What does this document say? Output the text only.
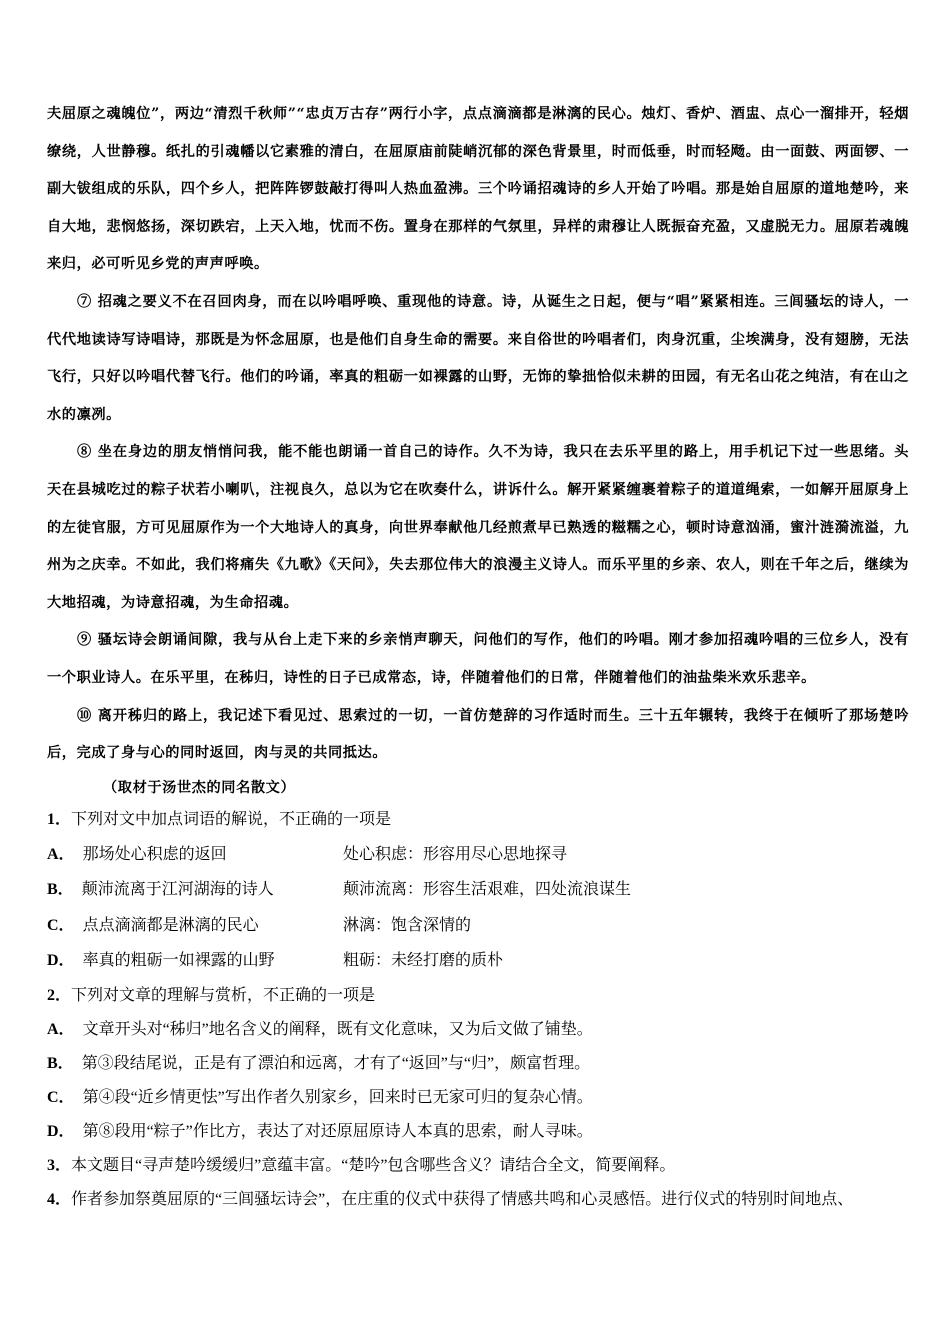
夫屈原之魂魄位”，两边“清烈千秋师”“忠贞万古存”两行小字，点点滴滴都是淋漓的民心。烛灯、香炉、酒盅、点心一溜排开，轻烟缭绕，人世静穆。纸扎的引魂幡以它素雅的清白，在屈原庙前陡峭沉郁的深色背景里，时而低垂，时而轻飏。由一面鼓、两面锣、一副大钹组成的乐队，四个乡人，把阵阵锣鼓敲打得叫人热血盈沸。三个吟诵招魂诗的乡人开始了吟唱。那是始自屈原的道地楚吟，来自大地，悲悯悠扬，深切跌宕，上天入地，忧而不伤。置身在那样的气氛里，异样的肃穆让人既振奋充盈，又虚脱无力。屈原若魂魄来归，必可听见乡党的声声呼唤。

⑦ 招魂之要义不在召回肉身，而在以吟唱呼唤、重现他的诗意。诗，从诞生之日起，便与“唱”紧紧相连。三闾骚坛的诗人，一代代地读诗写诗唱诗，那既是为怀念屈原，也是他们自身生命的需要。来自俗世的吟唱者们，肉身沉重，尘埃满身，没有翅膀，无法飞行，只好以吟唱代替飞行。他们的吟诵，率真的粗砺一如裸露的山野，无饰的挚拙恰似未耕的田园，有无名山花之纯洁，有在山之水的凛冽。

⑧ 坐在身边的朋友悄悄问我，能不能也朗诵一首自己的诗作。久不为诗，我只在去乐平里的路上，用手机记下过一些思绪。头天在县城吃过的粽子状若小喇叭，注视良久，总以为它在吹奏什么，讲诉什么。解开紧紧缠裹着粽子的道道绳索，一如解开屈原身上的左徒官服，方可见屈原作为一个大地诗人的真身，向世界奉献他几经煎煮早已熟透的糍糯之心，顿时诗意汹涌，蜜汁涟漪流溢，九州为之庆幸。不如此，我们将痛失《九歌》《天问》，失去那位伟大的浪漫主义诗人。而乐平里的乡亲、农人，则在千年之后，继续为大地招魂，为诗意招魂，为生命招魂。

⑨ 骚坛诗会朗诵间隙，我与从台上走下来的乡亲悄声聊天，问他们的写作，他们的吟唱。刚才参加招魂吟唱的三位乡人，没有一个职业诗人。在乐平里，在秭归，诗性的日子已成常态，诗，伴随着他们的日常，伴随着他们的油盐柴米欢乐悲辛。

⑩ 离开秭归的路上，我记述下看见过、思索过的一切，一首仿楚辞的习作适时而生。三十五年辗转，我终于在倾听了那场楚吟后，完成了身与心的同时返回，肉与灵的共同抵达。

（取材于汤世杰的同名散文）

1．下列对文中加点词语的解说，不正确的一项是

A． 那场处心积虑的返回	处心积虑：形容用尽心思地探寻
B． 颠沛流离于江河湖海的诗人	颠沛流离：形容生活艰难，四处流浪谋生
C． 点点滴滴都是淋漓的民心	淋漓：饱含深情的
D． 率真的粗砺一如裸露的山野	粗砺：未经打磨的质朴

2．下列对文章的理解与赏析，不正确的一项是

A． 文章开头对“秭归”地名含义的阐释，既有文化意味，又为后文做了铺垫。

B． 第③段结尾说，正是有了漂泊和远离，才有了“返回”与“归”，颇富哲理。

C． 第④段“近乡情更怯”写出作者久别家乡，回来时已无家可归的复杂心情。

D． 第⑧段用“粽子”作比方，表达了对还原屈原诗人本真的思索，耐人寻味。

3．本文题目“寻声楚吟缓缓归”意蕴丰富。“楚吟”包含哪些含义？请结合全文，简要阐释。

4．作者参加祭奠屈原的“三闾骚坛诗会”，在庄重的仪式中获得了情感共鸣和心灵感悟。进行仪式的特别时间地点、
